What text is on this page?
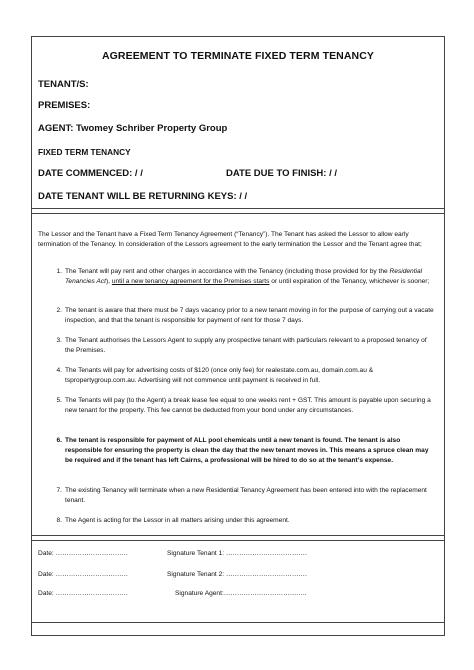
AGREEMENT TO TERMINATE FIXED TERM TENANCY
TENANT/S:
PREMISES:
AGENT: Twomey Schriber Property Group
FIXED TERM TENANCY
DATE COMMENCED: / /	DATE DUE TO FINISH: / /
DATE TENANT WILL BE RETURNING KEYS: / /
The Lessor and the Tenant have a Fixed Term Tenancy Agreement (“Tenancy”). The Tenant has asked the Lessor to allow early termination of the Tenancy. In consideration of the Lessors agreement to the early termination the Lessor and the Tenant agree that;
1. The Tenant will pay rent and other charges in accordance with the Tenancy (including those provided for by the Residential Tenancies Act), until a new tenancy agreement for the Premises starts or until expiration of the Tenancy, whichever is sooner;
2. The tenant is aware that there must be 7 days vacancy prior to a new tenant moving in for the purpose of carrying out a vacate inspection, and that the tenant is responsible for payment of rent for those 7 days.
3. The Tenant authorises the Lessors Agent to supply any prospective tenant with particulars relevant to a proposed tenancy of the Premises.
4. The Tenants will pay for advertising costs of $120 (once only fee) for realestate.com.au, domain.com.au & tspropertygroup.com.au. Advertising will not commence until payment is received in full.
5. The Tenants will pay (to the Agent) a break lease fee equal to one weeks rent + GST. This amount is payable upon securing a new tenant for the property. This fee cannot be deducted from your bond under any circumstances.
6. The tenant is responsible for payment of ALL pool chemicals until a new tenant is found. The tenant is also responsible for ensuring the property is clean the day that the new tenant moves in. This means a spruce clean may be required and if the tenant has left Cairns, a professional will be hired to do so at the tenant’s expense.
7. The existing Tenancy will terminate when a new Residential Tenancy Agreement has been entered into with the replacement tenant.
8. The Agent is acting for the Lessor in all matters arising under this agreement.
Date: ……………………………	Signature Tenant 1: ……………………………….
Date: ……………………………	Signature Tenant 2: ……………………………….
Date: ……………………………	Signature Agent:………………………………..
